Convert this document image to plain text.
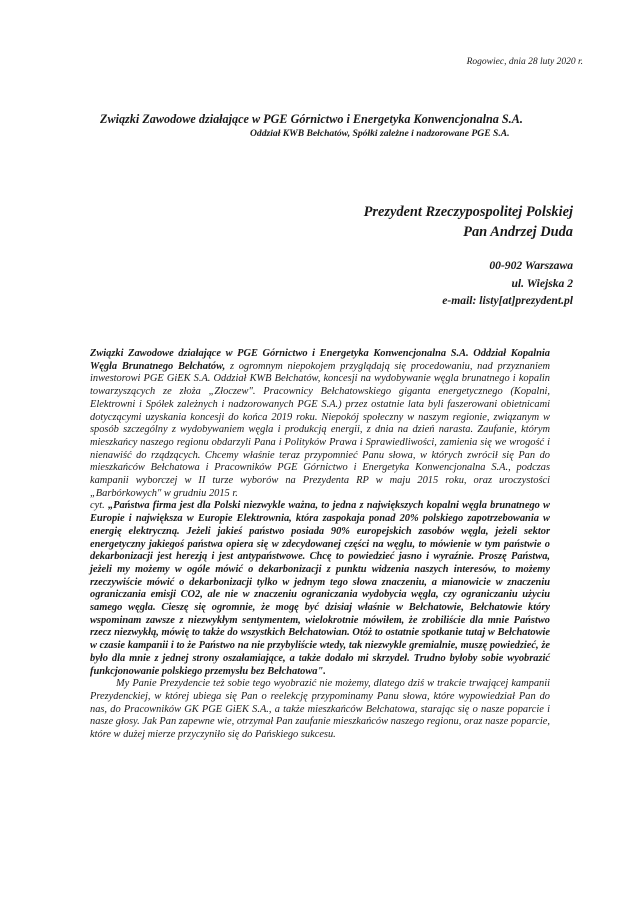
Rogowiec, dnia 28 luty 2020 r.
Związki Zawodowe działające w PGE Górnictwo i Energetyka Konwencjonalna S.A.
Oddział KWB Bełchatów, Spółki zależne i nadzorowane PGE S.A.
Prezydent Rzeczypospolitej Polskiej
Pan Andrzej Duda
00-902 Warszawa
ul. Wiejska 2
e-mail: listy[at]prezydent.pl

Związki Zawodowe działające w PGE Górnictwo i Energetyka Konwencjonalna S.A. Oddział Kopalnia Węgla Brunatnego Bełchatów, z ogromnym niepokojem przyglądają się procedowaniu, nad przyznaniem inwestorowi PGE GiEK S.A. Oddział KWB Bełchatów, koncesji na wydobywanie węgla brunatnego i kopalin towarzyszących ze złoża „Złoczew". Pracownicy Bełchatowskiego giganta energetycznego (Kopalni, Elektrowni i Spółek zależnych i nadzorowanych PGE S.A.) przez ostatnie lata byli faszerowani obietnicami dotyczącymi uzyskania koncesji do końca 2019 roku. Niepokój społeczny w naszym regionie, związanym w sposób szczególny z wydobywaniem węgla i produkcją energii, z dnia na dzień narasta. Zaufanie, którym mieszkańcy naszego regionu obdarzyli Pana i Polityków Prawa i Sprawiedliwości, zamienia się we wrogość i nienawiść do rządzących. Chcemy właśnie teraz przypomnieć Panu słowa, w których zwrócił się Pan do mieszkańców Bełchatowa i Pracowników PGE Górnictwo i Energetyka Konwencjonalna S.A., podczas kampanii wyborczej w II turze wyborów na Prezydenta RP w maju 2015 roku, oraz uroczystości „Barbórkowych" w grudniu 2015 r.

cyt. „Państwa firma jest dla Polski niezwykle ważna, to jedna z największych kopalni węgla brunatnego w Europie i największa w Europie Elektrownia, która zaspokaja ponad 20% polskiego zapotrzebowania w energię elektryczną. Jeżeli jakieś państwo posiada 90% europejskich zasobów węgla, jeżeli sektor energetyczny jakiegoś państwa opiera się w zdecydowanej części na węglu, to mówienie w tym państwie o dekarbonizacji jest herezją i jest antypaństwowe. Chcę to powiedzieć jasno i wyraźnie. Proszę Państwa, jeżeli my możemy w ogóle mówić o dekarbonizacji z punktu widzenia naszych interesów, to możemy rzeczywiście mówić o dekarbonizacji tylko w jednym tego słowa znaczeniu, a mianowicie w znaczeniu ograniczania emisji CO2, ale nie w znaczeniu ograniczania wydobycia węgla, czy ograniczaniu użyciu samego węgla. Cieszę się ogromnie, że mogę być dzisiaj właśnie w Bełchatowie, Bełchatowie który wspominam zawsze z niezwykłym sentymentem, wielokrotnie mówiłem, że zrobiliście dla mnie Państwo rzecz niezwykłą, mówię to także do wszystkich Bełchatowian. Otóż to ostatnie spotkanie tutaj w Bełchatowie w czasie kampanii i to że Państwo na nie przybyliście wtedy, tak niezwykle gremialnie, muszę powiedzieć, że było dla mnie z jednej strony oszałamiające, a także dodało mi skrzydeł. Trudno byłoby sobie wyobrazić funkcjonowanie polskiego przemysłu bez Bełchatowa".

My Panie Prezydencie też sobie tego wyobrazić nie możemy, dlatego dziś w trakcie trwającej kampanii Prezydenckiej, w której ubiega się Pan o reelekcję przypominamy Panu słowa, które wypowiedział Pan do nas, do Pracowników GK PGE GiEK S.A., a także mieszkańców Bełchatowa, starając się o nasze poparcie i nasze głosy. Jak Pan zapewne wie, otrzymał Pan zaufanie mieszkańców naszego regionu, oraz nasze poparcie, które w dużej mierze przyczyniło się do Pańskiego sukcesu.
